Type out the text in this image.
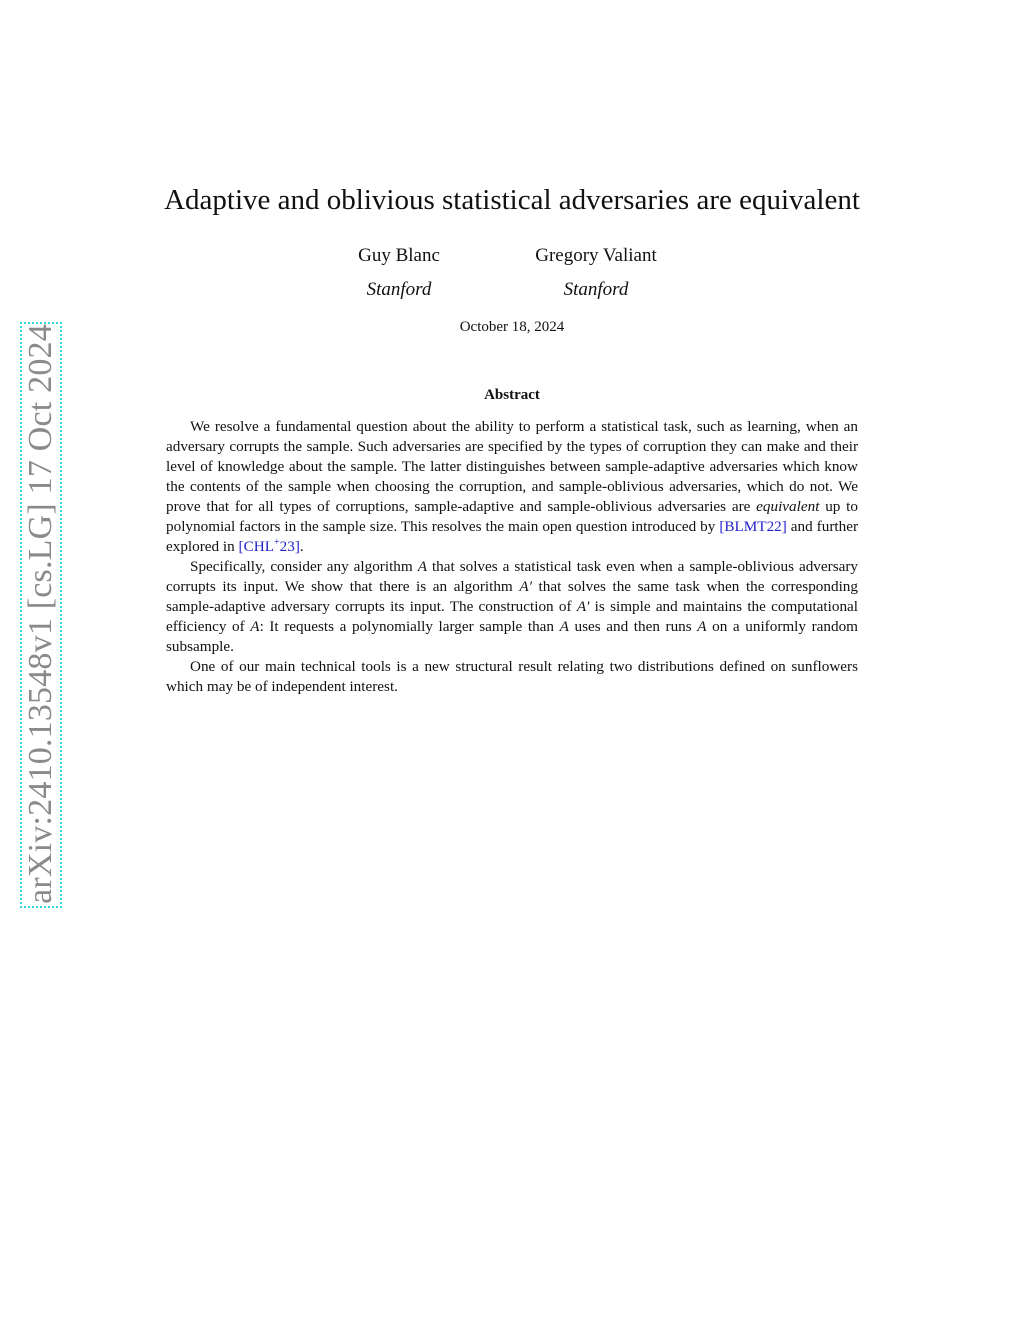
arXiv:2410.13548v1 [cs.LG] 17 Oct 2024
Adaptive and oblivious statistical adversaries are equivalent
Guy Blanc
Stanford
Gregory Valiant
Stanford
October 18, 2024
Abstract

We resolve a fundamental question about the ability to perform a statistical task, such as learning, when an adversary corrupts the sample. Such adversaries are specified by the types of corruption they can make and their level of knowledge about the sample. The latter distinguishes between sample-adaptive adversaries which know the contents of the sample when choosing the corruption, and sample-oblivious adversaries, which do not. We prove that for all types of corruptions, sample-adaptive and sample-oblivious adversaries are equivalent up to polynomial factors in the sample size. This resolves the main open question introduced by [BLMT22] and further explored in [CHL+23].

Specifically, consider any algorithm A that solves a statistical task even when a sample-oblivious adversary corrupts its input. We show that there is an algorithm A′ that solves the same task when the corresponding sample-adaptive adversary corrupts its input. The construction of A′ is simple and maintains the computational efficiency of A: It requests a polynomially larger sample than A uses and then runs A on a uniformly random subsample.

One of our main technical tools is a new structural result relating two distributions defined on sunflowers which may be of independent interest.
